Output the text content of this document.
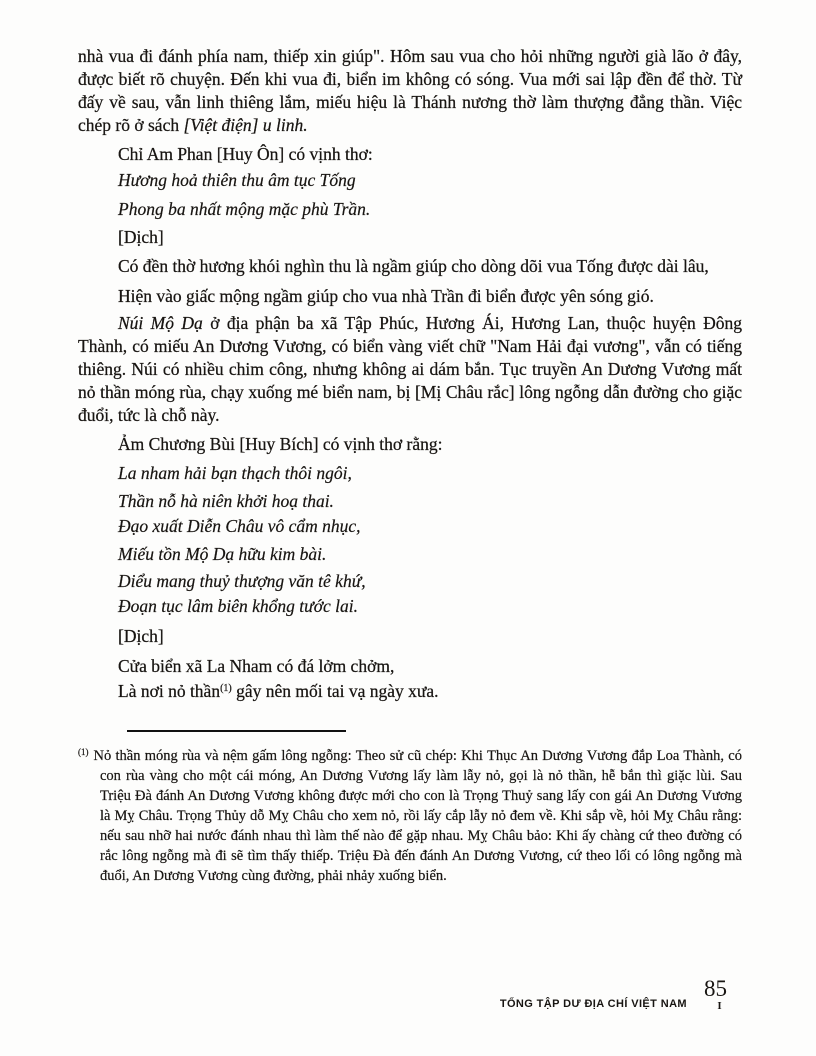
nhà vua đi đánh phía nam, thiếp xin giúp". Hôm sau vua cho hỏi những người già lão ở đây, được biết rõ chuyện. Đến khi vua đi, biển im không có sóng. Vua mới sai lập đền để thờ. Từ đấy về sau, vẫn linh thiêng lắm, miếu hiệu là Thánh nương thờ làm thượng đẳng thần. Việc chép rõ ở sách [Việt điện] u linh.

Chỉ Am Phan [Huy Ôn] có vịnh thơ:

Hương hoả thiên thu âm tục Tống

Phong ba nhất mộng mặc phù Trần.

[Dịch]

Có đền thờ hương khói nghìn thu là ngầm giúp cho dòng dõi vua Tống được dài lâu,

Hiện vào giấc mộng ngầm giúp cho vua nhà Trần đi biển được yên sóng gió.

Núi Mộ Dạ ở địa phận ba xã Tập Phúc, Hương Ái, Hương Lan, thuộc huyện Đông Thành, có miếu An Dương Vương, có biển vàng viết chữ "Nam Hải đại vương", vẫn có tiếng thiêng. Núi có nhiều chim công, nhưng không ai dám bắn. Tục truyền An Dương Vương mất nỏ thần móng rùa, chạy xuống mé biển nam, bị [Mị Châu rắc] lông ngỗng dẫn đường cho giặc đuổi, tức là chỗ này.

Ảm Chương Bùi [Huy Bích] có vịnh thơ rằng:

La nham hải bạn thạch thôi ngôi,

Thần nỗ hà niên khởi hoạ thai.

Đạo xuất Diễn Châu vô cẩm nhục,

Miếu tồn Mộ Dạ hữu kim bài.

Diểu mang thuỷ thượng văn tê khứ,

Đoạn tục lâm biên khổng tước lai.

[Dịch]

Cửa biển xã La Nham có đá lởm chởm,

Là nơi nỏ thần$^{(1)}$ gây nên mối tai vạ ngày xưa.

$^{(1)}$ Nỏ thần móng rùa và nệm gấm lông ngỗng: Theo sử cũ chép: Khi Thục An Dương Vương đắp Loa Thành, có con rùa vàng cho một cái móng, An Dương Vương lấy làm lẫy nỏ, gọi là nỏ thần, hễ bắn thì giặc lùi. Sau Triệu Đà đánh An Dương Vương không được mới cho con là Trọng Thuỷ sang lấy con gái An Dương Vương là Mỵ Châu. Trọng Thủy dỗ Mỵ Châu cho xem nỏ, rồi lấy cắp lẫy nỏ đem về. Khi sắp về, hỏi Mỵ Châu rằng: nếu sau nhỡ hai nước đánh nhau thì làm thế nào để gặp nhau. Mỵ Châu bảo: Khi ấy chàng cứ theo đường có rắc lông ngỗng mà đi sẽ tìm thấy thiếp. Triệu Đà đến đánh An Dương Vương, cứ theo lối có lông ngỗng mà đuổi, An Dương Vương cùng đường, phải nhảy xuống biển.

TỔNG TẬP DƯ ĐỊA CHÍ VIỆT NAM
85
I
